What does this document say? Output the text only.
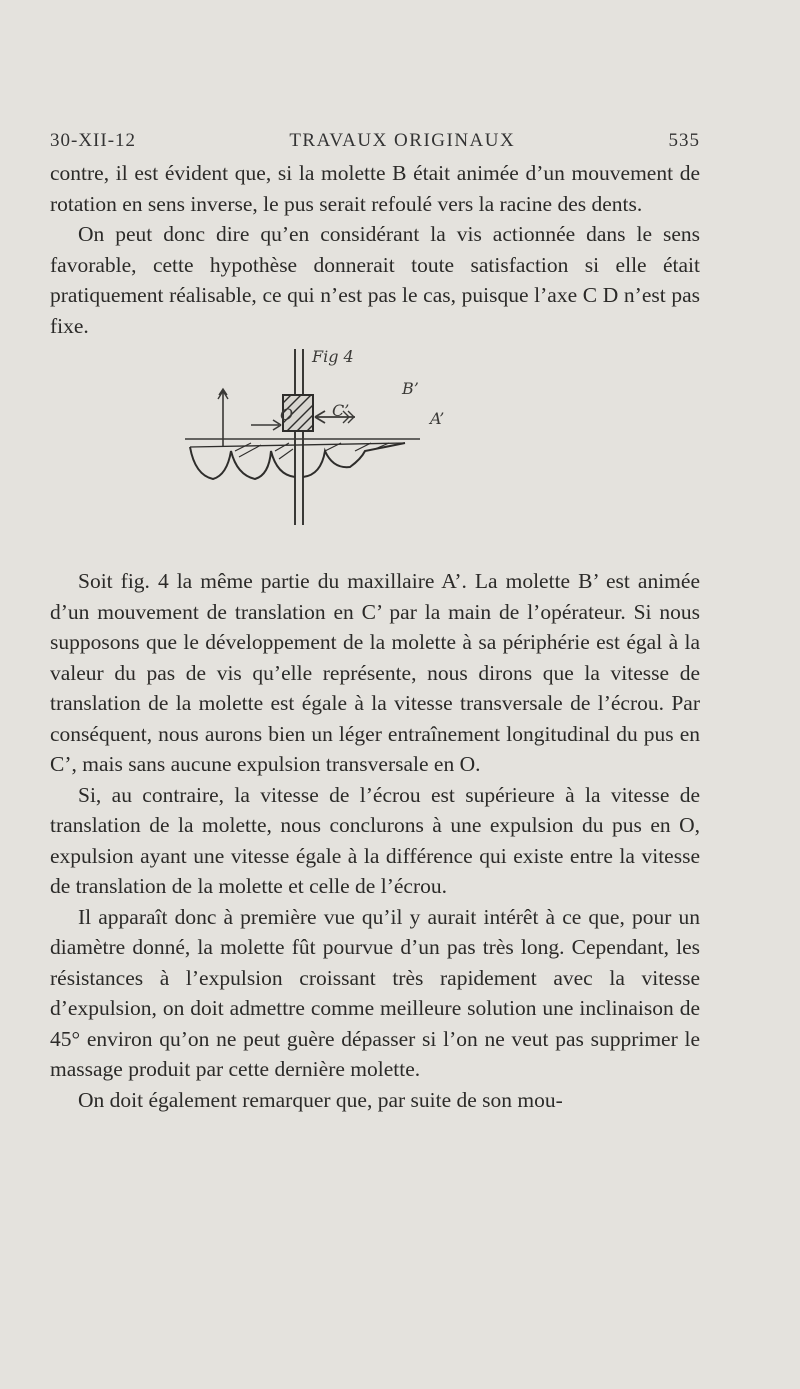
30-XII-12	TRAVAUX ORIGINAUX	535

contre, il est évident que, si la molette B était animée d’un mouvement de rotation en sens inverse, le pus serait refoulé vers la racine des dents.

On peut donc dire qu’en considérant la vis actionnée dans le sens favorable, cette hypothèse donnerait toute satisfaction si elle était pratiquement réalisable, ce qui n’est pas le cas, puisque l’axe C D n’est pas fixe.

Fig 4
O C’
B’
A’

Soit fig. 4 la même partie du maxillaire A’. La molette B’ est animée d’un mouvement de translation en C’ par la main de l’opérateur. Si nous supposons que le développement de la molette à sa périphérie est égal à la valeur du pas de vis qu’elle représente, nous dirons que la vitesse de translation de la molette est égale à la vitesse transversale de l’écrou. Par conséquent, nous aurons bien un léger entraînement longitudinal du pus en C’, mais sans aucune expulsion transversale en O.

Si, au contraire, la vitesse de l’écrou est supérieure à la vitesse de translation de la molette, nous conclurons à une expulsion du pus en O, expulsion ayant une vitesse égale à la différence qui existe entre la vitesse de translation de la molette et celle de l’écrou.

Il apparaît donc à première vue qu’il y aurait intérêt à ce que, pour un diamètre donné, la molette fût pourvue d’un pas très long. Cependant, les résistances à l’expulsion croissant très rapidement avec la vitesse d’expulsion, on doit admettre comme meilleure solution une inclinaison de 45° environ qu’on ne peut guère dépasser si l’on ne veut pas supprimer le massage produit par cette dernière molette.

On doit également remarquer que, par suite de son mou-
